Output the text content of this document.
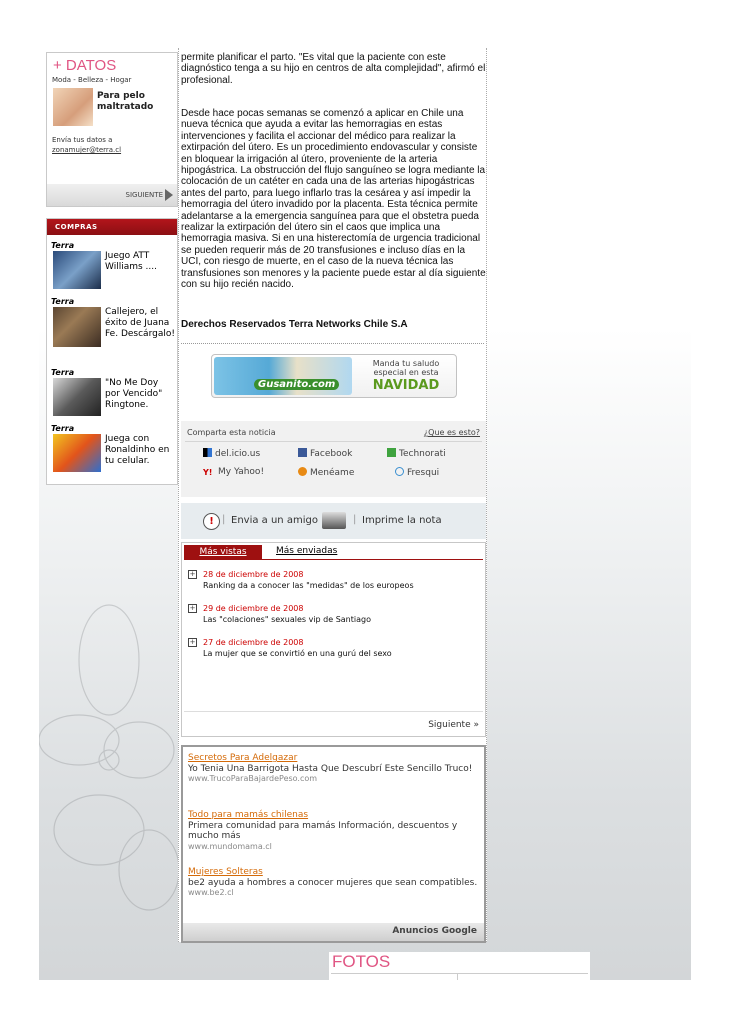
+ DATOS
Moda - Belleza - Hogar
Para pelo maltratado
Envía tus datos a
zonamujer@terra.cl
SIGUIENTE
COMPRAS
Terra
Juego ATT Williams ....
Terra
Callejero, el éxito de Juana Fe. Descárgalo!
Terra
"No Me Doy por Vencido" Ringtone.
Terra
Juega con Ronaldinho en tu celular.
permite planificar el parto. "Es vital que la paciente con este diagnóstico tenga a su hijo en centros de alta complejidad", afirmó el profesional.
Desde hace pocas semanas se comenzó a aplicar en Chile una nueva técnica que ayuda a evitar las hemorragias en estas intervenciones y facilita el accionar del médico para realizar la extirpación del útero. Es un procedimiento endovascular y consiste en bloquear la irrigación al útero, proveniente de la arteria hipogástrica. La obstrucción del flujo sanguíneo se logra mediante la colocación de un catéter en cada una de las arterias hipogástricas antes del parto, para luego inflarlo tras la cesárea y así impedir la hemorragia del útero invadido por la placenta. Esta técnica permite adelantarse a la emergencia sanguínea para que el obstetra pueda realizar la extirpación del útero sin el caos que implica una hemorragia masiva. Si en una histerectomía de urgencia tradicional se pueden requerir más de 20 transfusiones e incluso días en la UCI, con riesgo de muerte, en el caso de la nueva técnica las transfusiones son menores y la paciente puede estar al día siguiente con su hijo recién nacido.
Derechos Reservados Terra Networks Chile S.A
Gusanito.com
Manda tu saludo especial en esta
NAVIDAD
Comparta esta noticia	¿Que es esto?
del.icio.us	Facebook	Technorati
Y! My Yahoo!	Menéame	Fresqui
! | Envia a un amigo	| Imprime la nota
Más vistas	Más enviadas
+ 28 de diciembre de 2008
Ranking da a conocer las "medidas" de los europeos
+ 29 de diciembre de 2008
Las "colaciones" sexuales vip de Santiago
+ 27 de diciembre de 2008
La mujer que se convirtió en una gurú del sexo
Siguiente »
Secretos Para Adelgazar
Yo Tenia Una Barrigota Hasta Que Descubrí Este Sencillo Truco!
www.TrucoParaBajardePeso.com
Todo para mamás chilenas
Primera comunidad para mamás Información, descuentos y mucho más
www.mundomama.cl
Mujeres Solteras
be2 ayuda a hombres a conocer mujeres que sean compatibles.
www.be2.cl
Anuncios Google
FOTOS
